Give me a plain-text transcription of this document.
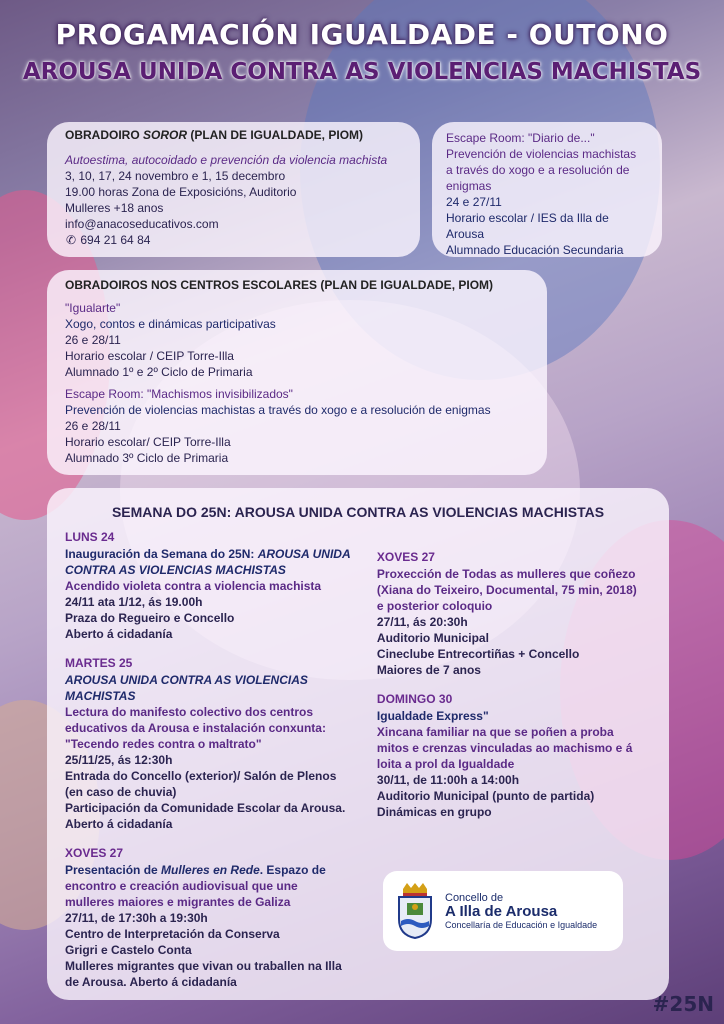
PROGAMACIÓN IGUALDADE - OUTONO
AROUSA UNIDA CONTRA AS VIOLENCIAS MACHISTAS
OBRADOIRO SOROR (PLAN DE IGUALDADE, PIOM)

Autoestima, autocoidado e prevención da violencia machista

3, 10, 17, 24 novembro e 1, 15 decembro

19.00 horas Zona de Exposicións, Auditorio

Mulleres +18 anos

info@anacoseducativos.com

✆ 694 21 64 84

Escape Room: "Diario de..."

Prevención de violencias machistas

a través do xogo e a resolución de

enigmas

24 e 27/11

Horario escolar / IES da Illa de Arousa

Alumnado Educación Secundaria

OBRADOIROS NOS CENTROS ESCOLARES (PLAN DE IGUALDADE, PIOM)

"Igualarte"

Xogo, contos e dinámicas participativas

26 e 28/11

Horario escolar / CEIP Torre-Illa

Alumnado 1º e 2º Ciclo de Primaria

Escape Room: "Machismos invisibilizados"

Prevención de violencias machistas a través do xogo e a resolución de enigmas

26 e 28/11

Horario escolar/ CEIP Torre-Illa

Alumnado 3º Ciclo de Primaria

SEMANA DO 25N: AROUSA UNIDA CONTRA AS VIOLENCIAS MACHISTAS
LUNS 24

Inauguración da Semana do 25N: AROUSA UNIDA

CONTRA AS VIOLENCIAS MACHISTAS

Acendido violeta contra a violencia machista

24/11 ata 1/12, ás 19.00h

Praza do Regueiro e Concello

Aberto á cidadanía

MARTES 25

AROUSA UNIDA CONTRA AS VIOLENCIAS MACHISTAS

Lectura do manifesto colectivo dos centros

educativos da Arousa e instalación conxunta:

"Tecendo redes contra o maltrato"

25/11/25, ás 12:30h

Entrada do Concello (exterior)/ Salón de Plenos

(en caso de chuvia)

Participación da Comunidade Escolar da Arousa.

Aberto á cidadanía

XOVES 27

Presentación de Mulleres en Rede. Espazo de

encontro e creación audiovisual que une

mulleres maiores e migrantes de Galiza

27/11, de 17:30h a 19:30h

Centro de Interpretación da Conserva

Grigri e Castelo Conta

Mulleres migrantes que vivan ou traballen na Illa

de Arousa. Aberto á cidadanía

XOVES 27

Proxección de Todas as mulleres que coñezo

(Xiana do Teixeiro, Documental, 75 min, 2018)

e posterior coloquio

27/11, ás 20:30h

Auditorio Municipal

Cineclube Entrecortiñas + Concello

Maiores de 7 anos

DOMINGO 30

Igualdade Express"

Xincana familiar na que se poñen a proba

mitos e crenzas vinculadas ao machismo e á

loita a prol da Igualdade

30/11, de 11:00h a 14:00h

Auditorio Municipal (punto de partida)

Dinámicas en grupo

Concello de
A Illa de Arousa
Concellaría de Educación e Igualdade
#25N
